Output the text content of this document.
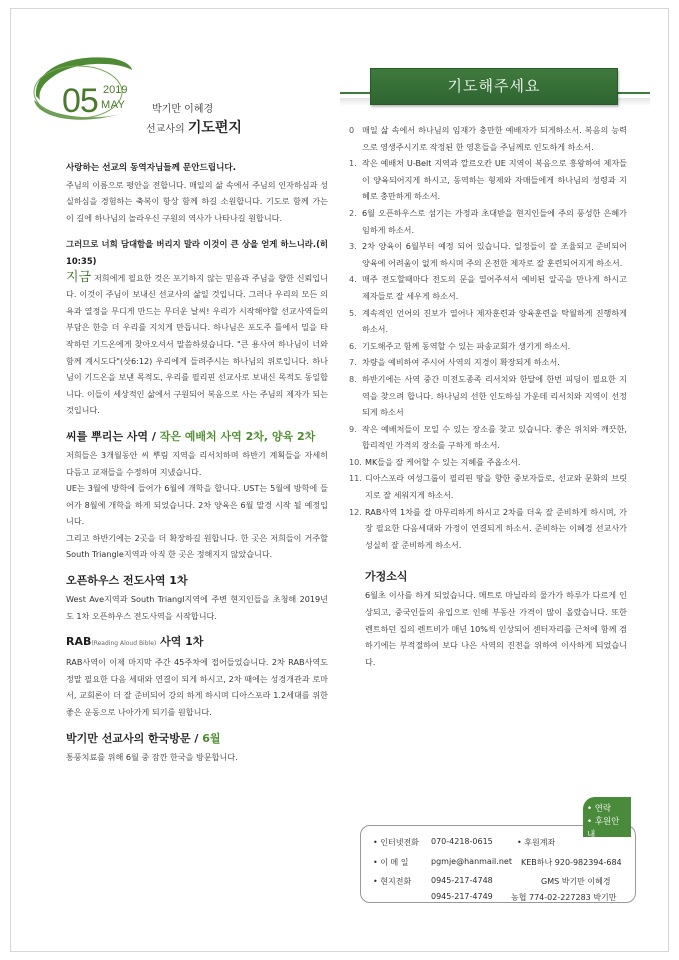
05 2019
MAY	박기만 이혜경
선교사의 기도편지
기도해주세요

사랑하는 선교의 동역자님들께 문안드립니다.

주님의 이름으로 평안을 전합니다. 매일의 삶 속에서 주님의 인자하심과 성실하심을 경험하는 축복이 항상 함께 하길 소원합니다. 기도로 함께 가는 이 길에 하나님의 놀라우신 구원의 역사가 나타나길 원합니다.

그러므로 너희 담대함을 버리지 말라 이것이 큰 상을 얻게 하느니라.(히 10:35)

지금 저희에게 필요한 것은 포기하지 않는 믿음과 주님을 향한 신뢰입니다. 이것이 주님이 보내신 선교사의 삶일 것입니다. 그러나 우리의 모든 의욕과 열정을 무디게 만드는 무더운 날씨! 우리가 시작해야할 선교사역들의 부담은 한층 더 우리를 지치게 만듭니다. 하나님은 포도주 틀에서 밀을 타작하던 기드온에게 찾아오셔서 말씀하셨습니다. "큰 용사여 하나님이 너와 함께 계시도다"(삿6:12) 우리에게 들려주시는 하나님의 위로입니다. 하나님이 기드온을 보낸 목적도, 우리를 필리핀 선교사로 보내신 목적도 동일합니다. 이들이 세상적인 삶에서 구원되어 복음으로 사는 주님의 제자가 되는 것입니다.

씨를 뿌리는 사역 / 작은 예배처 사역 2차, 양육 2차

저희들은 3개월동안 씨 뿌림 지역을 리서치하며 하반기 계획들을 자세히 다듬고 교재들을 수정하며 지냈습니다.

UE는 3월에 방학에 들어가 6월에 개학을 합니다. UST는 5월에 방학에 들어가 8월에 개학을 하게 되었습니다. 2차 양육은 6월 말경 시작 될 예정입니다.

그리고 하반기에는 2곳을 더 확장하길 원합니다. 한 곳은 저희들이 거주할 South Triangle지역과 아직 한 곳은 정해지지 않았습니다.

오픈하우스 전도사역 1차

West Ave지역과 South Triangl지역에 주변 현지인들을 초청해 2019년도 1차 오픈하우스 전도사역을 시작합니다.

RAB(Reading Aloud Bible) 사역 1차

RAB사역이 이제 마지막 주간 45주차에 접어들었습니다. 2차 RAB사역도 정말 필요한 다음 세대와 연결이 되게 하시고, 2차 때에는 성경개관과 로마서, 교회론이 더 잘 준비되어 강의 하게 하시며 디아스포라 1.2세대를 위한 좋은 운동으로 나아가게 되기를 원합니다.

박기만 선교사의 한국방문 / 6월

통풍치료를 위해 6월 중 잠깐 한국을 방문합니다.

0 매일 삶 속에서 하나님의 임재가 충만한 예배자가 되게하소서. 복음의 능력으로 영생주시기로 작정된 한 영혼들을 주님께로 인도하게 하소서.
1. 작은 예배처 U-Belt 지역과 깔르오칸 UE 지역이 복음으로 흥왕하여 제자들이 양육되어지게 하시고, 동역하는 형제와 자매들에게 하나님의 성령과 지혜로 충만하게 하소서.
2. 6월 오픈하우스로 섬기는 가정과 초대받을 현지인들에 주의 풍성한 은혜가 임하게 하소서.
3. 2차 양육이 6월부터 예정 되어 있습니다. 일정들이 잘 조율되고 준비되어 양육에 어려움이 없게 하시며 주의 온전한 제자로 잘 훈련되어지게 하소서.
4. 매주 전도할때마다 전도의 문을 열어주셔서 예비된 알곡을 만나게 하시고 제자들로 잘 세우게 하소서.
5. 계속적인 언어의 진보가 열어나 제자훈련과 양육훈련을 탁월하게 진행하게 하소서.
6. 기도해주고 함께 동역할 수 있는 파송교회가 생기게 하소서.
7. 차량을 예비하여 주시어 사역의 지경이 확장되게 하소서.
8. 하반기에는 사역 중간 미전도종족 리서치와 한달에 한번 피딩이 필요한 지역을 찾으려 합니다. 하나님의 선한 인도하심 가운데 리서치와 지역이 선정되게 하소서
9. 작은 예배처들이 모일 수 있는 장소를 찾고 있습니다. 좋은 위치와 깨끗한, 합리적인 가격의 장소를 구하게 하소서.
10. MK들을 잘 케어할 수 있는 지혜를 주옵소서.
11. 디아스포라 여성그룹이 필리핀 땅을 향한 중보자들로, 선교와 문화의 브릿지로 잘 세워지게 하소서.
12. RAB사역 1차를 잘 마무리하게 하시고 2차를 더욱 잘 준비하게 하시며, 가장 필요한 다음세대와 가정이 연결되게 하소서. 준비하는 이혜경 선교사가 성실히 잘 준비하게 하소서.
가정소식
6월초 이사를 하게 되었습니다. 메트로 마닐라의 물가가 하루가 다르게 인상되고, 중국인들의 유입으로 인해 부동산 가격이 많이 올랐습니다. 또한 렌트하던 집의 렌트비가 매년 10%씩 인상되어 센터자리를 근처에 함께 겸하기에는 부적절하여 보다 나은 사역의 진전을 위하여 이사하게 되었습니다.
• 인터넷전화 070-4218-0615	• 후원계좌
• 이 메 일	pgmje@hanmail.net KEB하나 920-982394-684
• 현지전화 0945-217-4748	GMS 박기만 이혜경
0945-217-4749 농협 774-02-227283 박기만
• 연락
• 후원안내
